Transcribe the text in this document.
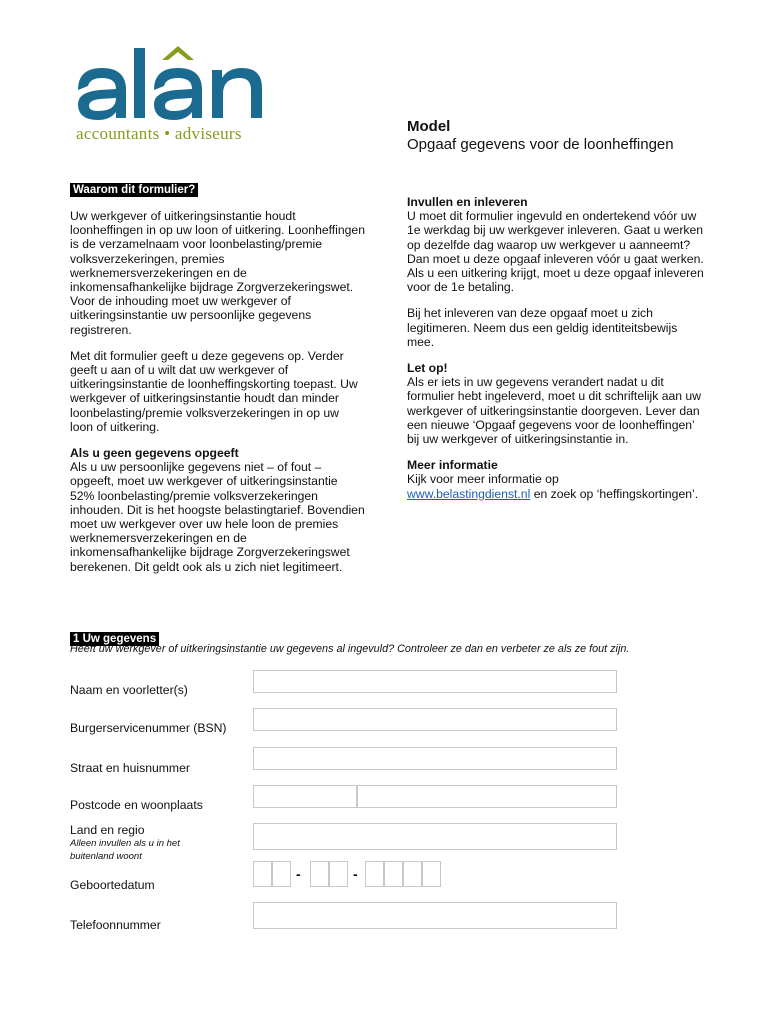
accountants • adviseurs	Model
Opgaaf gegevens voor de loonheffingen
Waarom dit formulier?

Uw werkgever of uitkeringsinstantie houdt loonheffingen in op uw loon of uitkering. Loonheffingen is de verzamelnaam voor loonbelasting/premie volksverzekeringen, premies werknemersverzekeringen en de inkomensafhankelijke bijdrage Zorgverzekeringswet. Voor de inhouding moet uw werkgever of uitkeringsinstantie uw persoonlijke gegevens registreren.

Met dit formulier geeft u deze gegevens op. Verder geeft u aan of u wilt dat uw werkgever of uitkeringsinstantie de loonheffingskorting toepast. Uw werkgever of uitkeringsinstantie houdt dan minder loonbelasting/premie volksverzekeringen in op uw loon of uitkering.

Als u geen gegevens opgeeft

Als u uw persoonlijke gegevens niet – of fout – opgeeft, moet uw werkgever of uitkeringsinstantie 52% loonbelasting/premie volksverzekeringen inhouden. Dit is het hoogste belastingtarief. Bovendien moet uw werkgever over uw hele loon de premies werknemersverzekeringen en de inkomensafhankelijke bijdrage Zorgverzekeringswet berekenen. Dit geldt ook als u zich niet legitimeert.

Invullen en inleveren

U moet dit formulier ingevuld en ondertekend vóór uw 1e werkdag bij uw werkgever inleveren. Gaat u werken op dezelfde dag waarop uw werkgever u aanneemt? Dan moet u deze opgaaf inleveren vóór u gaat werken. Als u een uitkering krijgt, moet u deze opgaaf inleveren voor de 1e betaling.

Bij het inleveren van deze opgaaf moet u zich legitimeren. Neem dus een geldig identiteitsbewijs mee.

Let op!

Als er iets in uw gegevens verandert nadat u dit formulier hebt ingeleverd, moet u dit schriftelijk aan uw werkgever of uitkeringsinstantie doorgeven. Lever dan een nieuwe ‘Opgaaf gegevens voor de loonheffingen’ bij uw werkgever of uitkeringsinstantie in.

Meer informatie

Kijk voor meer informatie op
www.belastingdienst.nl en zoek op ‘heffingskortingen’.

1 Uw gegevens
Heeft uw werkgever of uitkeringsinstantie uw gegevens al ingevuld? Controleer ze dan en verbeter ze als ze fout zijn.
Naam en voorletter(s)
Burgerservicenummer (BSN)
Straat en huisnummer
Postcode en woonplaats
Land en regio
Alleen invullen als u in het buitenland woont
Geboortedatum
-	-
Telefoonnummer
